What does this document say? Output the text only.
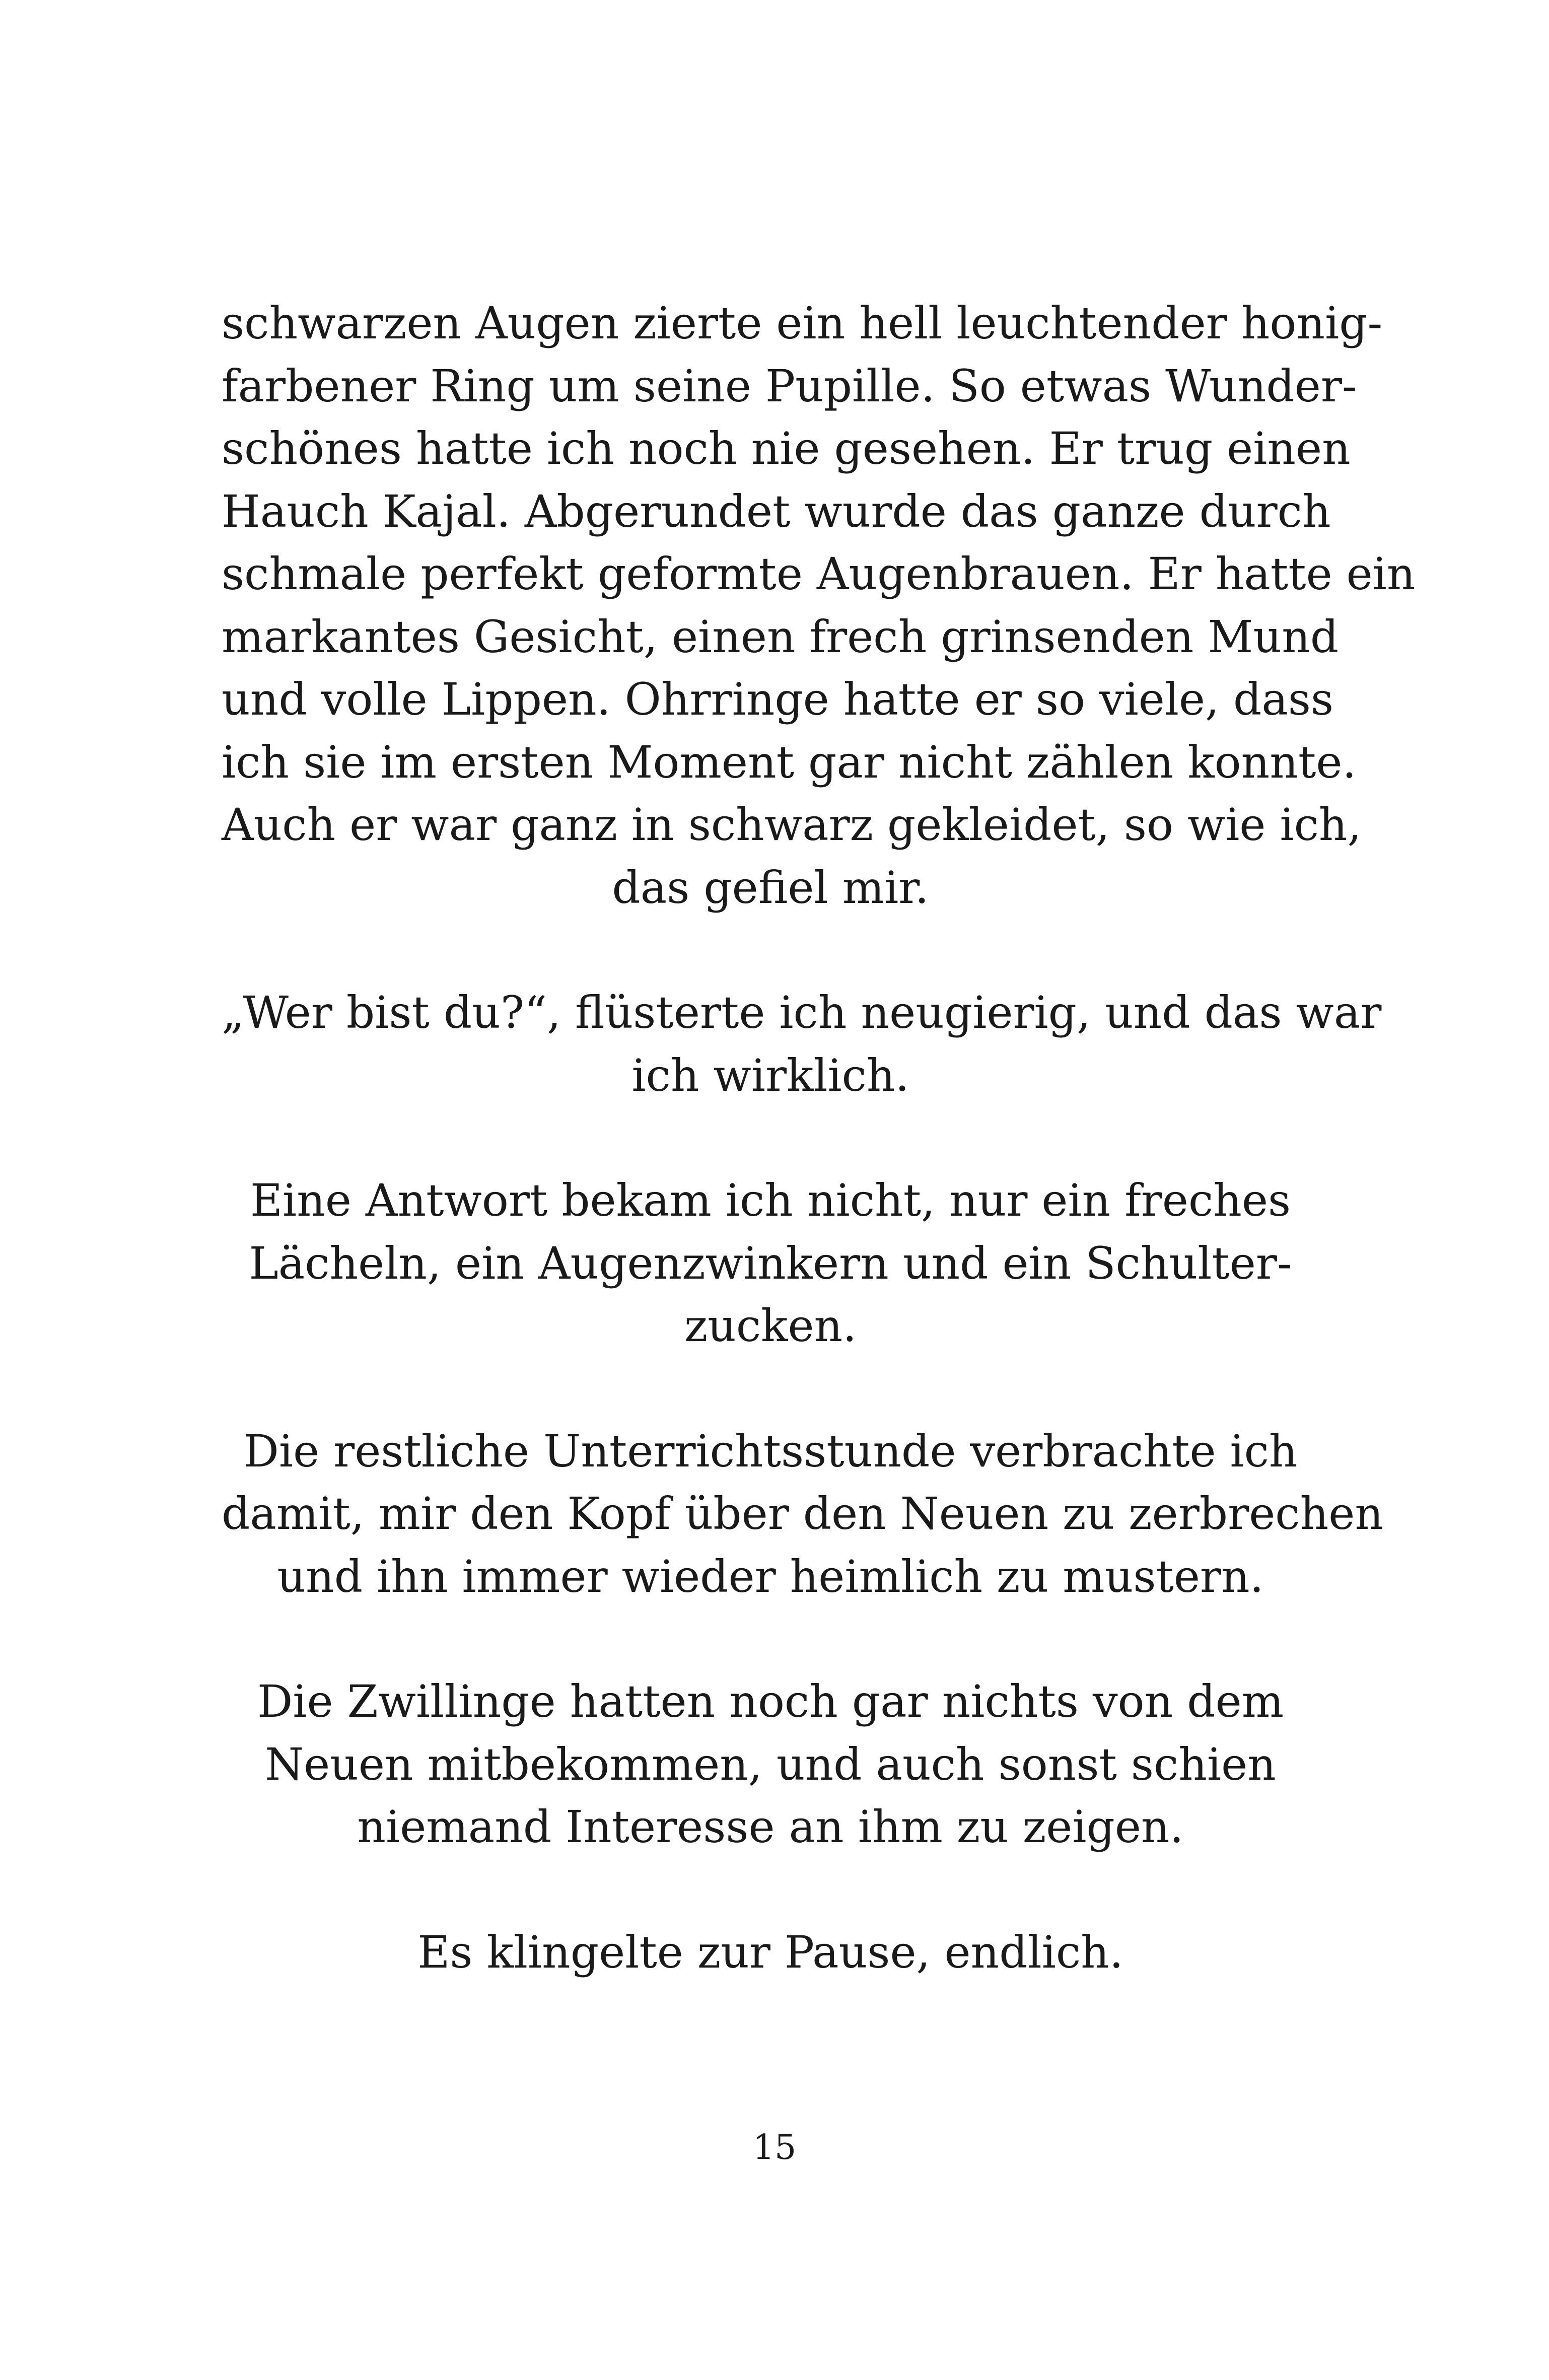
schwarzen Augen zierte ein hell leuchtender honig-
farbener Ring um seine Pupille. So etwas Wunder-
schönes hatte ich noch nie gesehen. Er trug einen
Hauch Kajal. Abgerundet wurde das ganze durch
schmale perfekt geformte Augenbrauen. Er hatte ein
markantes Gesicht, einen frech grinsenden Mund
und volle Lippen. Ohrringe hatte er so viele, dass
ich sie im ersten Moment gar nicht zählen konnte.
Auch er war ganz in schwarz gekleidet, so wie ich,
das gefiel mir.

„Wer bist du?“, flüsterte ich neugierig, und das war
ich wirklich.

Eine Antwort bekam ich nicht, nur ein freches
Lächeln, ein Augenzwinkern und ein Schulter-
zucken.

Die restliche Unterrichtsstunde verbrachte ich
damit, mir den Kopf über den Neuen zu zerbrechen
und ihn immer wieder heimlich zu mustern.

Die Zwillinge hatten noch gar nichts von dem
Neuen mitbekommen, und auch sonst schien
niemand Interesse an ihm zu zeigen.

Es klingelte zur Pause, endlich.

15
